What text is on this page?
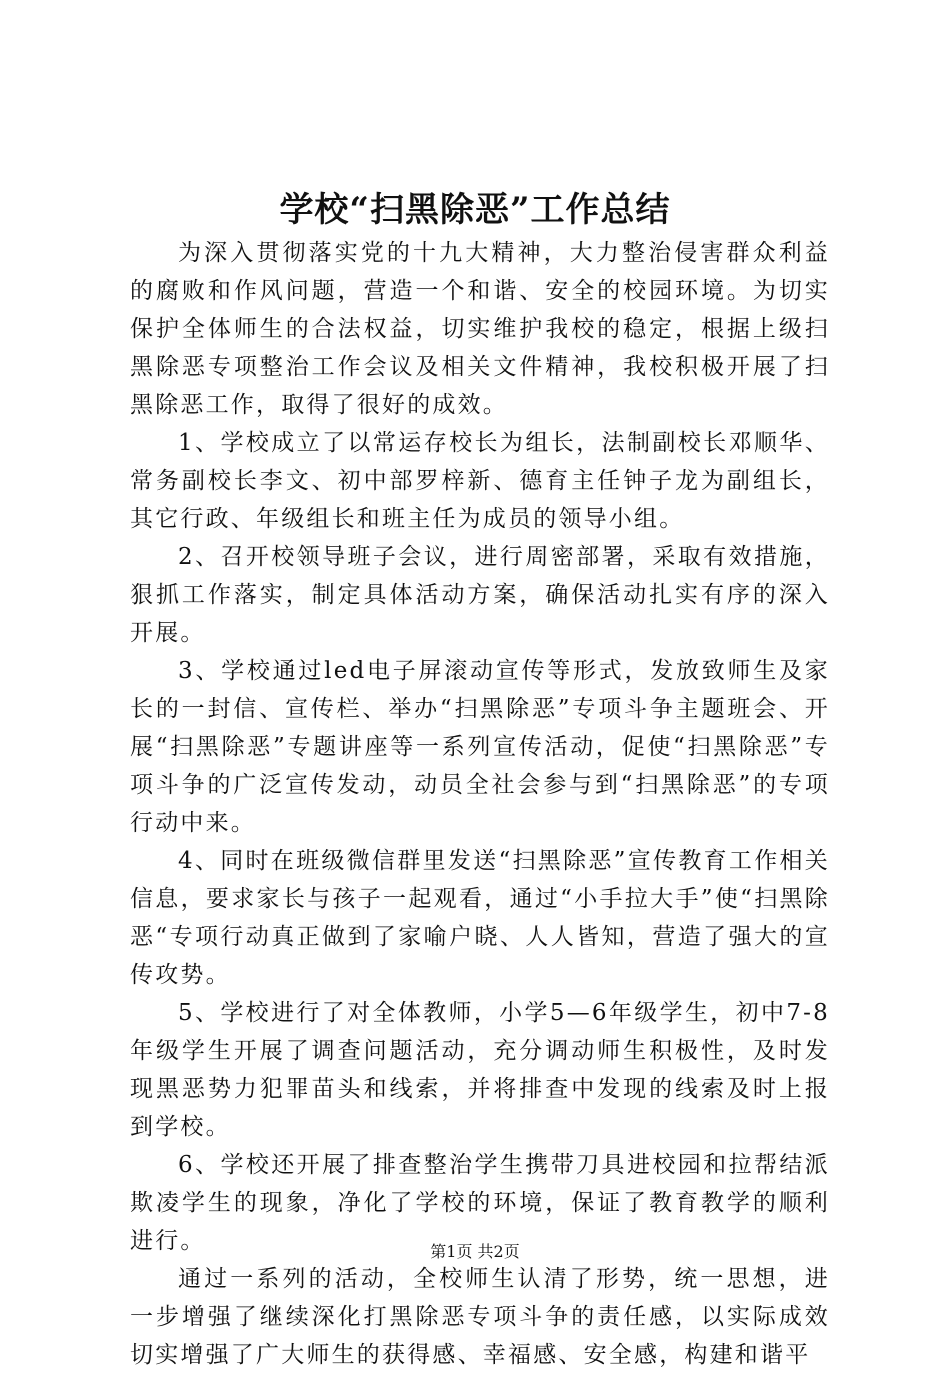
学校“扫黑除恶”工作总结

为深入贯彻落实党的十九大精神，大力整治侵害群众利益的腐败和作风问题，营造一个和谐、安全的校园环境。为切实保护全体师生的合法权益，切实维护我校的稳定，根据上级扫黑除恶专项整治工作会议及相关文件精神，我校积极开展了扫黑除恶工作，取得了很好的成效。

1、学校成立了以常运存校长为组长，法制副校长邓顺华、常务副校长李文、初中部罗梓新、德育主任钟子龙为副组长，其它行政、年级组长和班主任为成员的领导小组。

2、召开校领导班子会议，进行周密部署，采取有效措施，狠抓工作落实，制定具体活动方案，确保活动扎实有序的深入开展。

3、学校通过led电子屏滚动宣传等形式，发放致师生及家长的一封信、宣传栏、举办“扫黑除恶”专项斗争主题班会、开展“扫黑除恶”专题讲座等一系列宣传活动，促使“扫黑除恶”专项斗争的广泛宣传发动，动员全社会参与到“扫黑除恶”的专项行动中来。

4、同时在班级微信群里发送“扫黑除恶”宣传教育工作相关信息，要求家长与孩子一起观看，通过“小手拉大手”使“扫黑除恶“专项行动真正做到了家喻户晓、人人皆知，营造了强大的宣传攻势。

5、学校进行了对全体教师，小学5—6年级学生，初中7-8年级学生开展了调查问题活动，充分调动师生积极性，及时发现黑恶势力犯罪苗头和线索，并将排查中发现的线索及时上报到学校。

6、学校还开展了排查整治学生携带刀具进校园和拉帮结派欺凌学生的现象，净化了学校的环境，保证了教育教学的顺利进行。

通过一系列的活动，全校师生认清了形势，统一思想，进一步增强了继续深化打黑除恶专项斗争的责任感，以实际成效切实增强了广大师生的获得感、幸福感、安全感，构建和谐平

第1页 共2页
